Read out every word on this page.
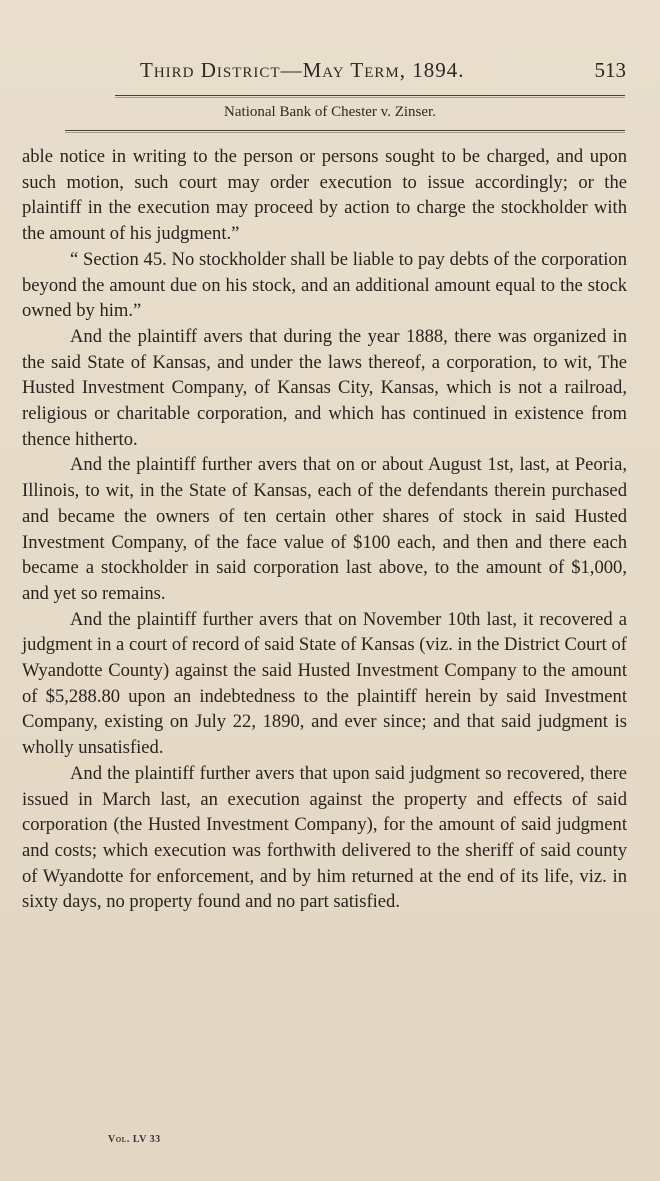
Third District—May Term, 1894.	513
National Bank of Chester v. Zinser.

able notice in writing to the person or persons sought to be charged, and upon such motion, such court may order execution to issue accordingly; or the plaintiff in the execution may proceed by action to charge the stockholder with the amount of his judgment.”

“ Section 45. No stockholder shall be liable to pay debts of the corporation beyond the amount due on his stock, and an additional amount equal to the stock owned by him.”

And the plaintiff avers that during the year 1888, there was organized in the said State of Kansas, and under the laws thereof, a corporation, to wit, The Husted Investment Company, of Kansas City, Kansas, which is not a railroad, religious or charitable corporation, and which has continued in existence from thence hitherto.

And the plaintiff further avers that on or about August 1st, last, at Peoria, Illinois, to wit, in the State of Kansas, each of the defendants therein purchased and became the owners of ten certain other shares of stock in said Husted Investment Company, of the face value of $100 each, and then and there each became a stockholder in said corporation last above, to the amount of $1,000, and yet so remains.

And the plaintiff further avers that on November 10th last, it recovered a judgment in a court of record of said State of Kansas (viz. in the District Court of Wyandotte County) against the said Husted Investment Company to the amount of $5,288.80 upon an indebtedness to the plaintiff herein by said Investment Company, existing on July 22, 1890, and ever since; and that said judgment is wholly unsatisfied.

And the plaintiff further avers that upon said judgment so recovered, there issued in March last, an execution against the property and effects of said corporation (the Husted Investment Company), for the amount of said judgment and costs; which execution was forthwith delivered to the sheriff of said county of Wyandotte for enforcement, and by him returned at the end of its life, viz. in sixty days, no property found and no part satisfied.

Vol. LV 33
